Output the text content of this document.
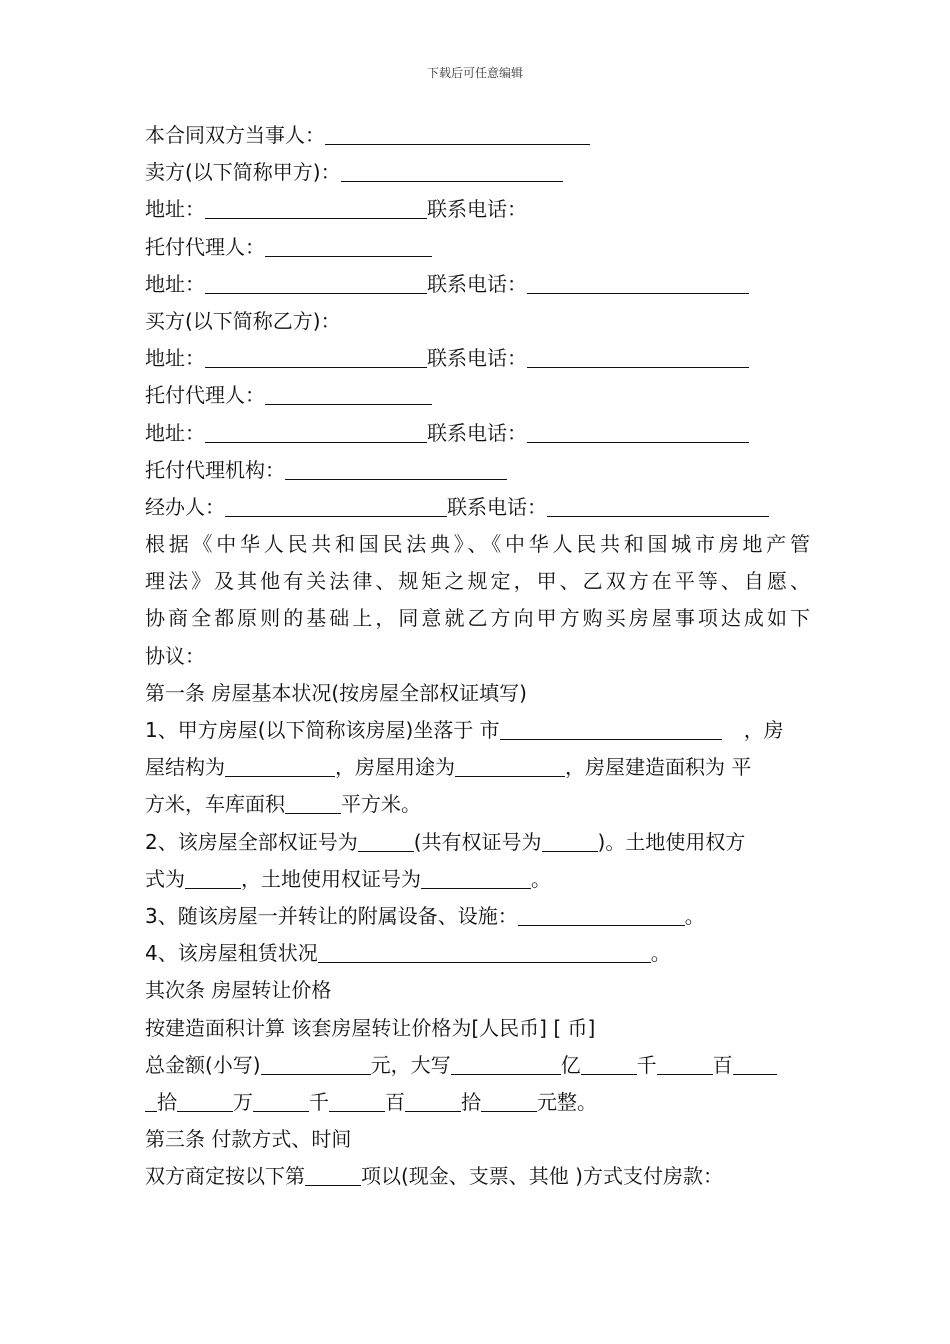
下载后可任意编辑
本合同双方当事人：
卖方(以下简称甲方)：
地址：	联系电话：
托付代理人：
地址：	联系电话：
买方(以下简称乙方)：
地址：	联系电话：
托付代理人：
地址：	联系电话：
托付代理机构：
经办人：	联系电话：
根据《中华人民共和国民法典》、《中华人民共和国城市房地产管
理法》及其他有关法律、规矩之规定，甲、乙双方在平等、自愿、
协商全都原则的基础上，同意就乙方向甲方购买房屋事项达成如下
协议：
第一条 房屋基本状况(按房屋全部权证填写)
1、甲方房屋(以下简称该房屋)坐落于 市	，房
屋结构为	，房屋用途为	，房屋建造面积为 平
方米，车库面积	平方米。
2、该房屋全部权证号为	(共有权证号为	)。土地使用权方
式为	，土地使用权证号为	。
3、随该房屋一并转让的附属设备、设施：	。
4、该房屋租赁状况	。
其次条 房屋转让价格
按建造面积计算 该套房屋转让价格为[人民币] [ 币]
总金额(小写)	元，大写	亿	千	百
拾	万	千	百	拾	元整。
第三条 付款方式、时间
双方商定按以下第	项以(现金、支票、其他 )方式支付房款：
